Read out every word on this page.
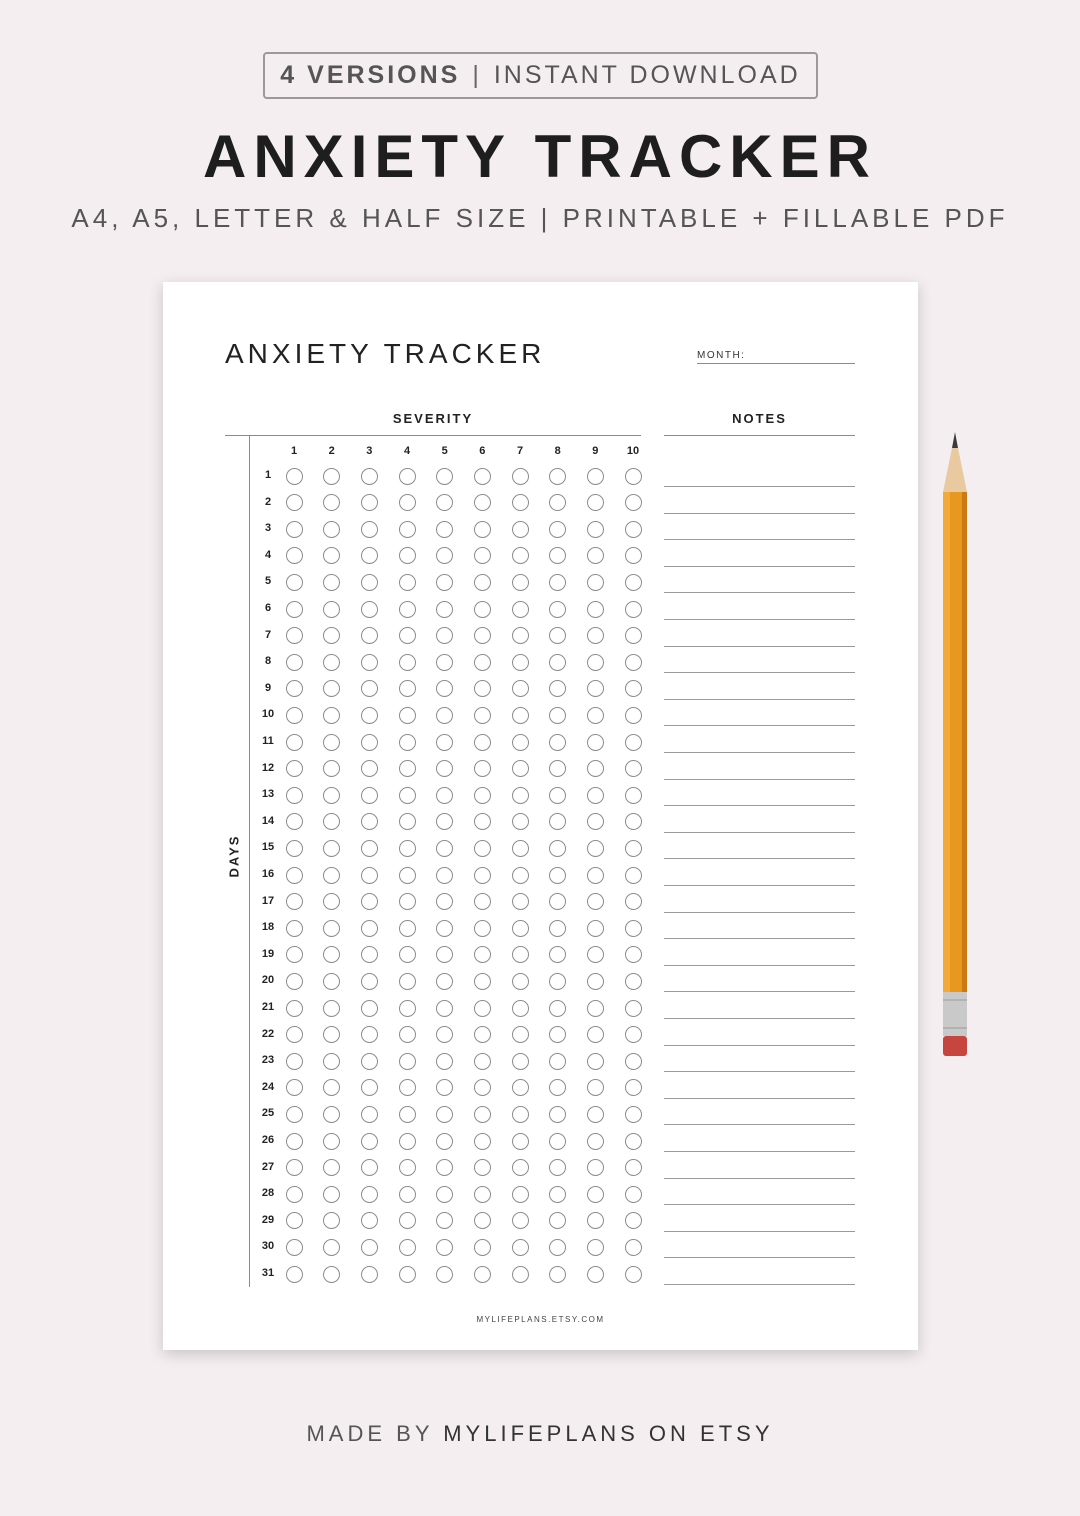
4 VERSIONS | INSTANT DOWNLOAD
ANXIETY TRACKER
A4, A5, LETTER & HALF SIZE | PRINTABLE + FILLABLE PDF
ANXIETY TRACKER	MONTH:
SEVERITY	NOTES
DAYS
1	2	3	4	5	6	7	8	9	10
1
2
3
4
5
6
7
8
9
10
11
12
13
14
15
16
17
18
19
20
21
22
23
24
25
26
27
28
29
30
31
MYLIFEPLANS.ETSY.COM
MADE BY MYLIFEPLANS ON ETSY
